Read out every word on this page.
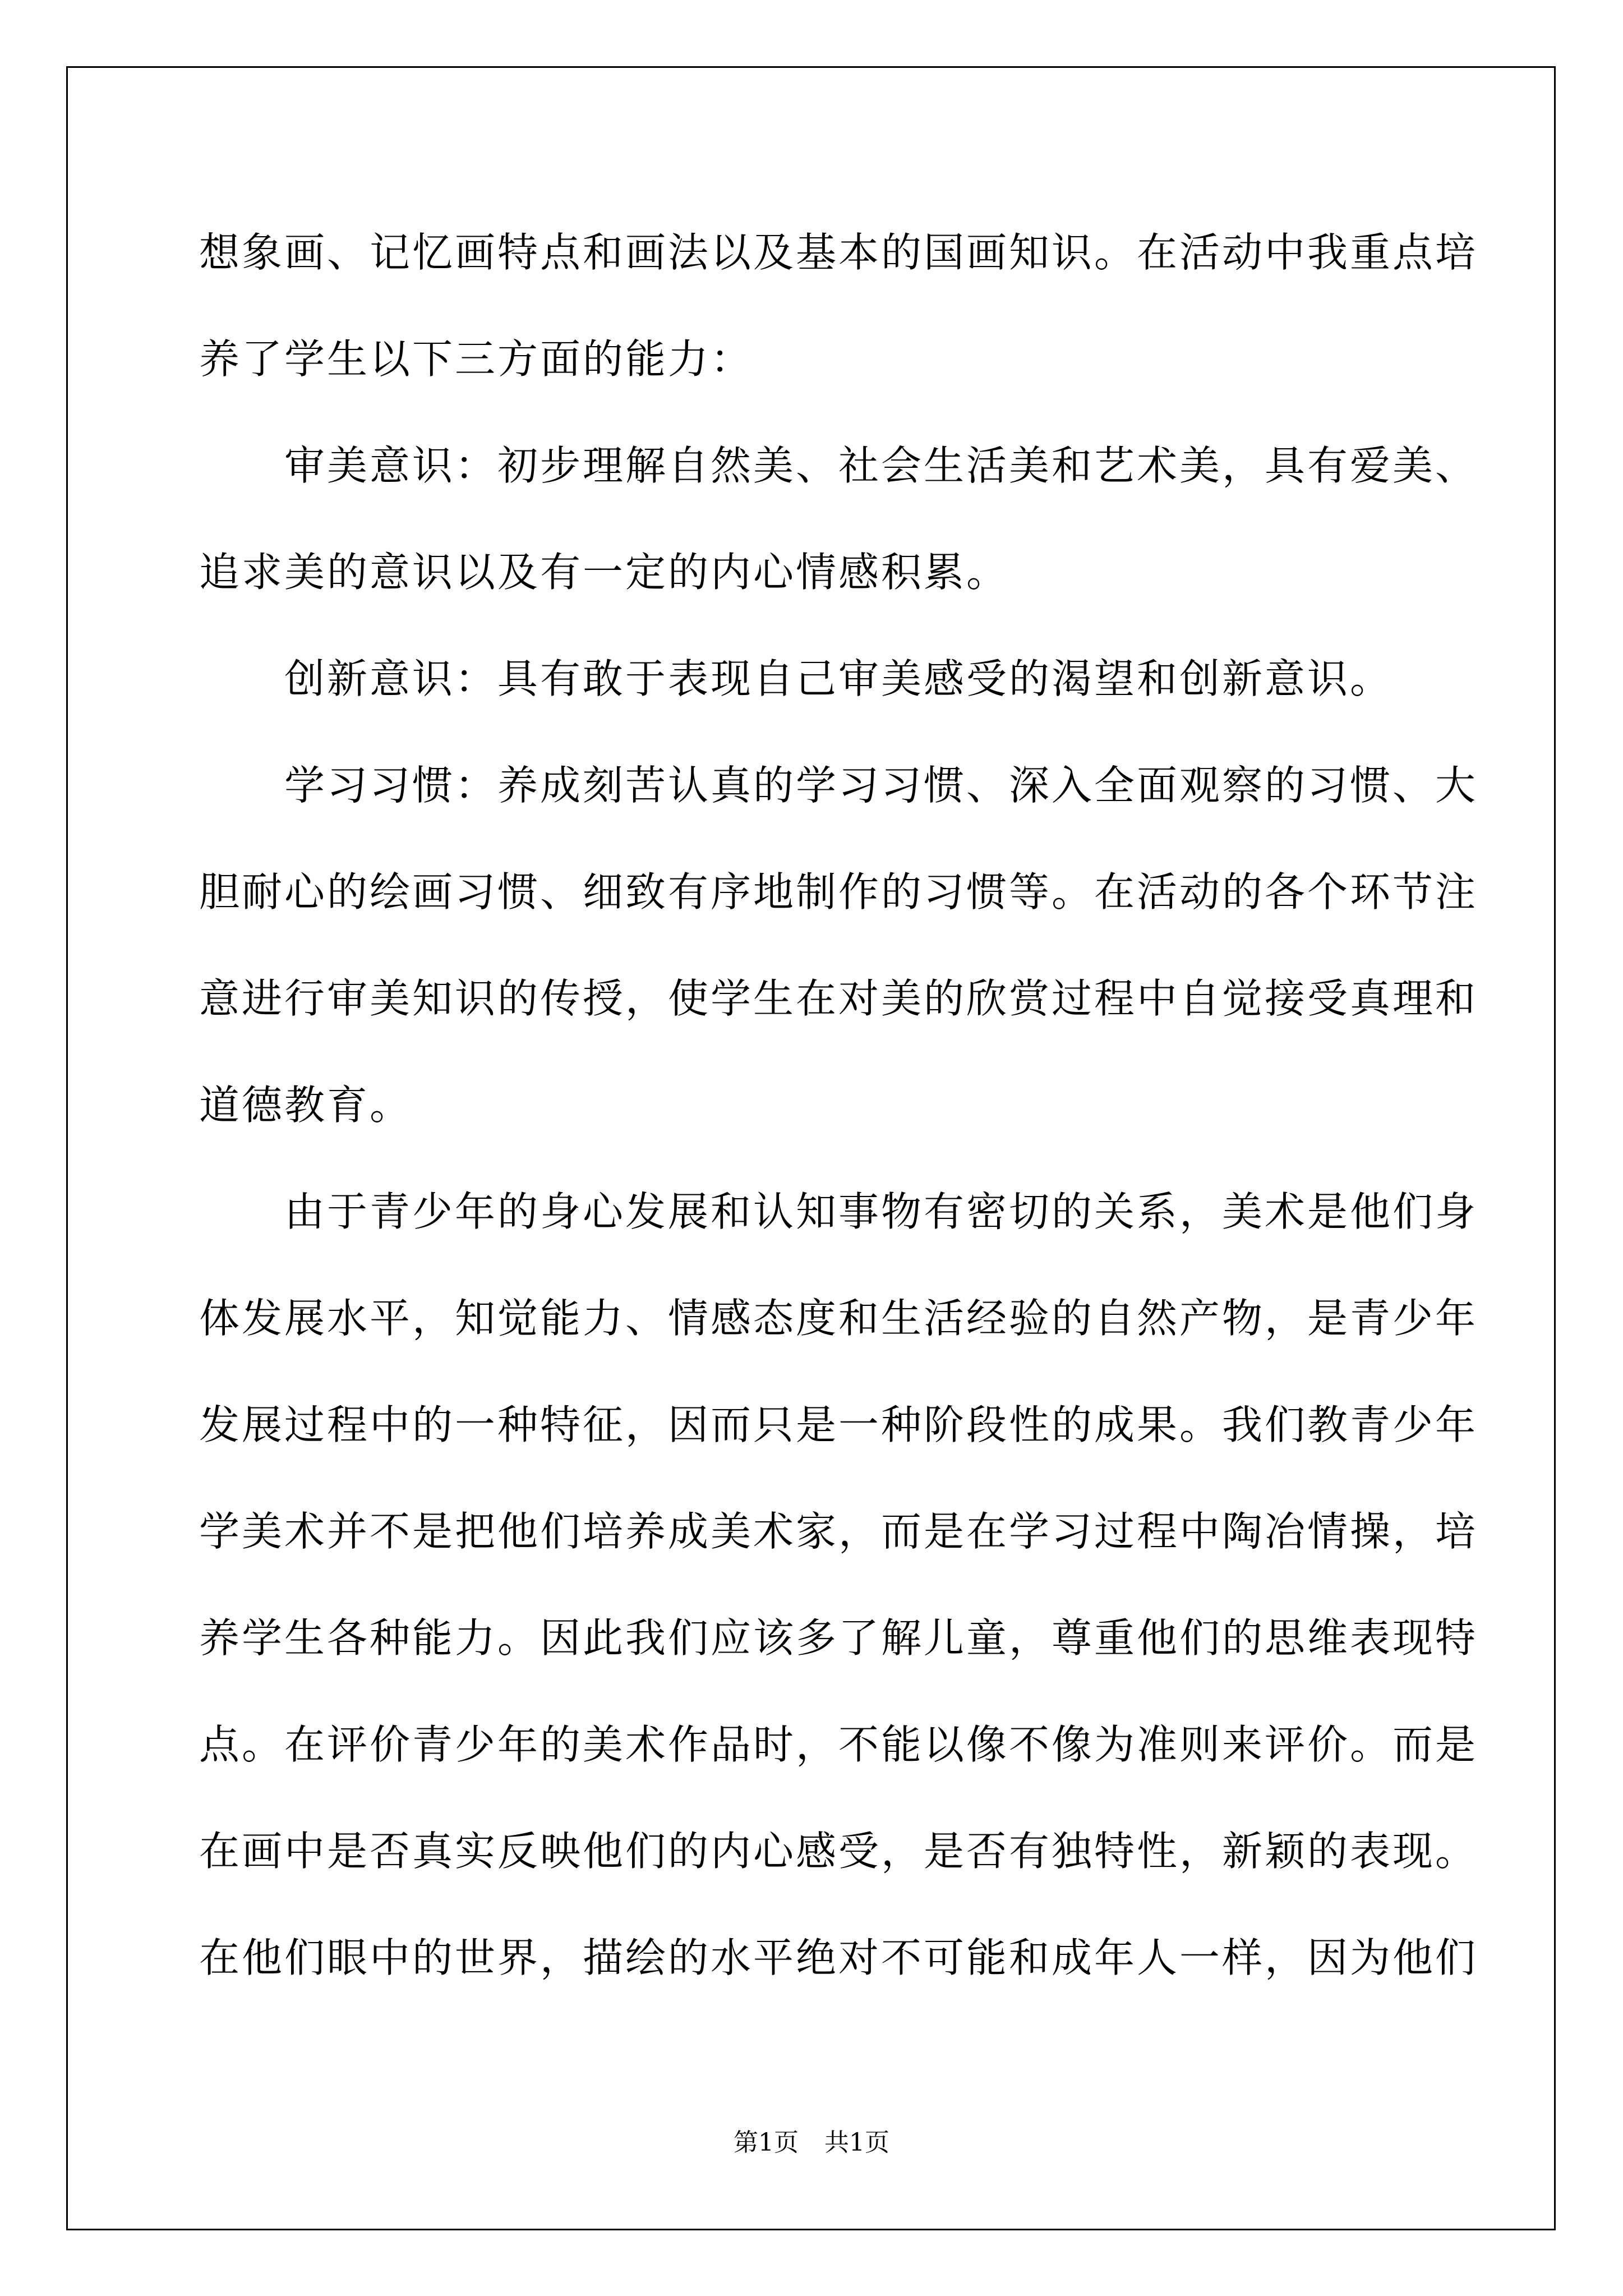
想象画、记忆画特点和画法以及基本的国画知识。在活动中我重点培

养了学生以下三方面的能力：

　　审美意识：初步理解自然美、社会生活美和艺术美，具有爱美、

追求美的意识以及有一定的内心情感积累。

　　创新意识：具有敢于表现自己审美感受的渴望和创新意识。

　　学习习惯：养成刻苦认真的学习习惯、深入全面观察的习惯、大

胆耐心的绘画习惯、细致有序地制作的习惯等。在活动的各个环节注

意进行审美知识的传授，使学生在对美的欣赏过程中自觉接受真理和

道德教育。

　　由于青少年的身心发展和认知事物有密切的关系，美术是他们身

体发展水平，知觉能力、情感态度和生活经验的自然产物，是青少年

发展过程中的一种特征，因而只是一种阶段性的成果。我们教青少年

学美术并不是把他们培养成美术家，而是在学习过程中陶冶情操，培

养学生各种能力。因此我们应该多了解儿童，尊重他们的思维表现特

点。在评价青少年的美术作品时，不能以像不像为准则来评价。而是

在画中是否真实反映他们的内心感受，是否有独特性，新颖的表现。

在他们眼中的世界，描绘的水平绝对不可能和成年人一样，因为他们

第1页 共1页
